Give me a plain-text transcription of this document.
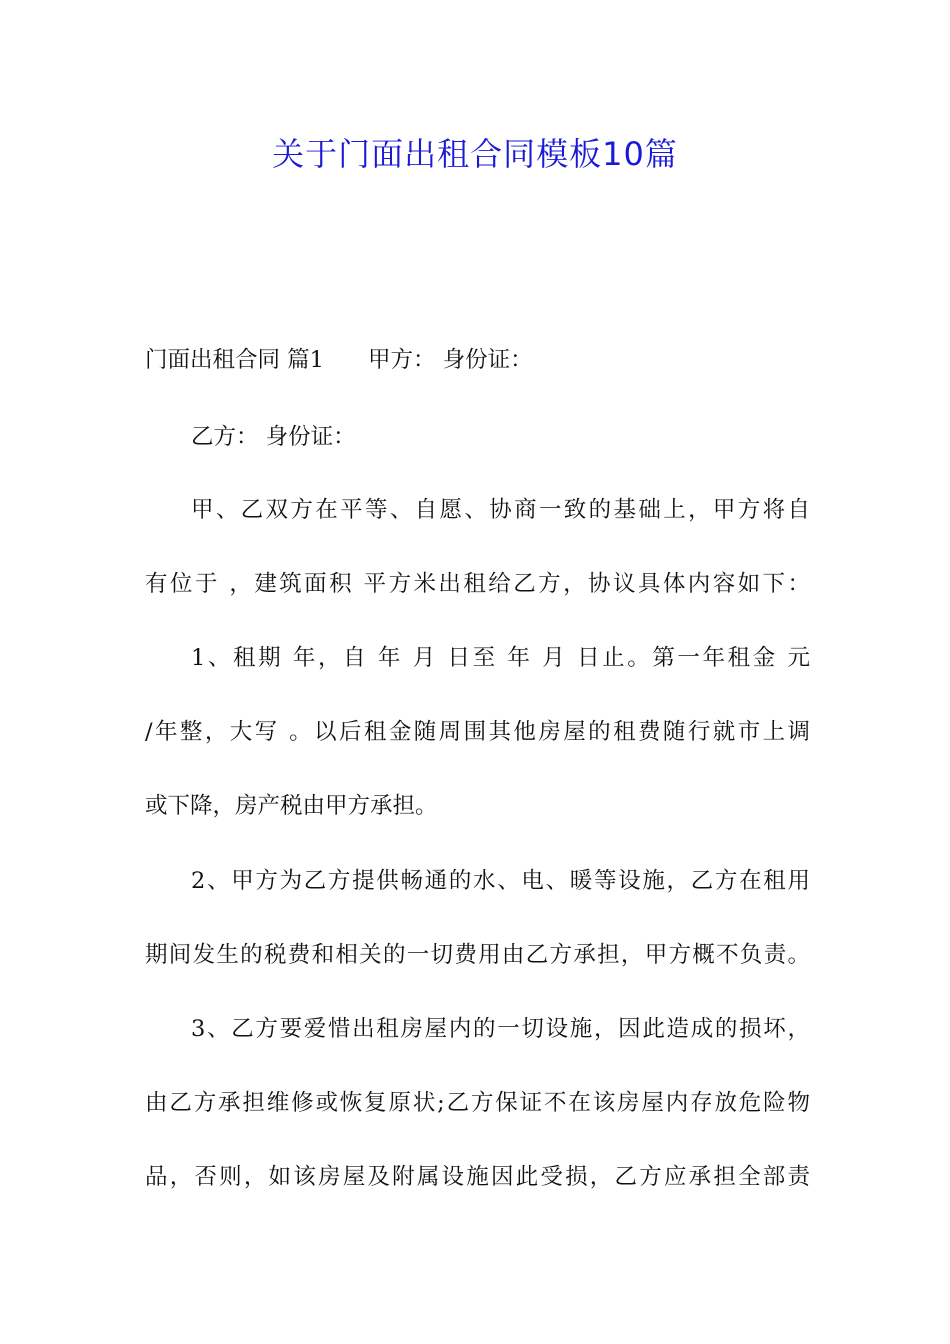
关于门面出租合同模板10篇
门面出租合同 篇1 甲方： 身份证：
乙方： 身份证：
甲、乙双方在平等、自愿、协商一致的基础上，甲方将自
有位于 ，建筑面积 平方米出租给乙方，协议具体内容如下：
1、租期 年，自 年 月 日至 年 月 日止。第一年租金 元
/年整，大写 。以后租金随周围其他房屋的租费随行就市上调
或下降，房产税由甲方承担。
2、甲方为乙方提供畅通的水、电、暖等设施，乙方在租用
期间发生的税费和相关的一切费用由乙方承担，甲方概不负责。
3、乙方要爱惜出租房屋内的一切设施，因此造成的损坏，
由乙方承担维修或恢复原状;乙方保证不在该房屋内存放危险物
品，否则，如该房屋及附属设施因此受损，乙方应承担全部责
